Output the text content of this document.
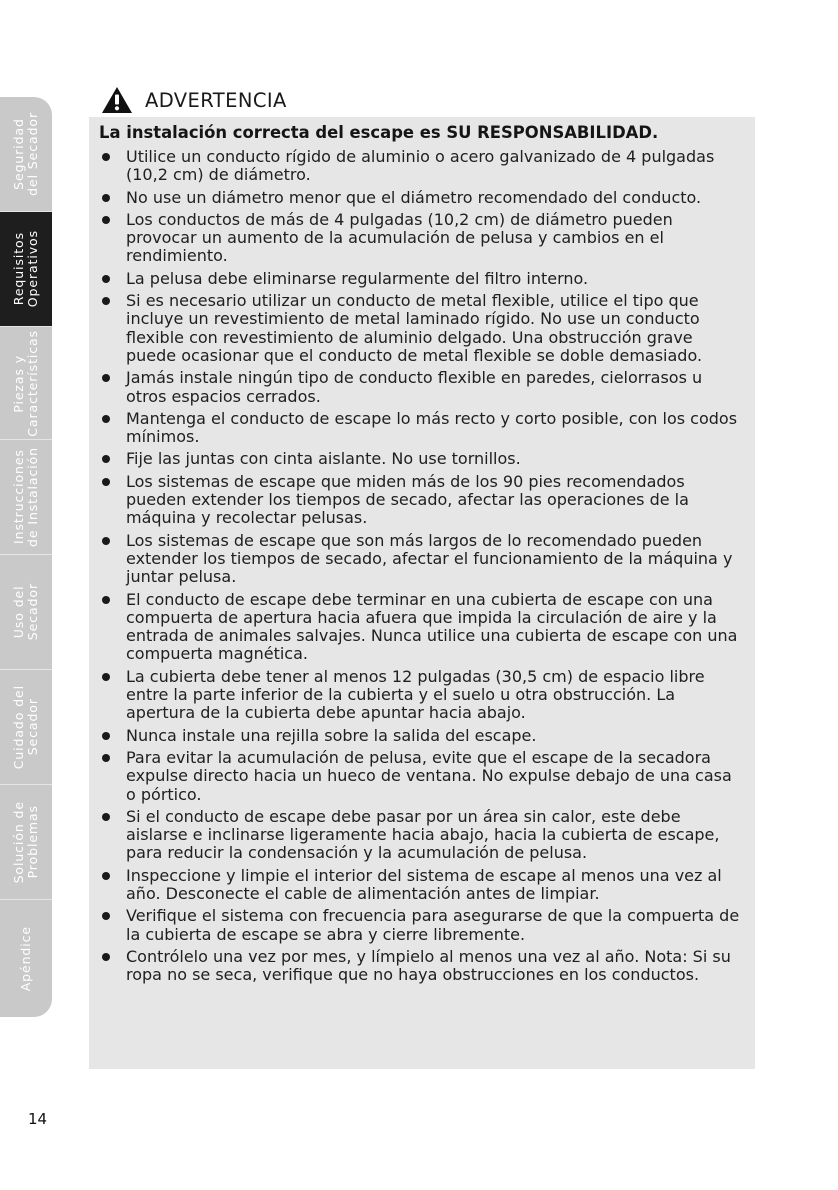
Seguridad
del Secador
Requisitos
Operativos
Piezas y
Características
Instrucciones
de Instalación
Uso del
Secador
Cuidado del
Secador
Solución de
Problemas
Apéndice
ADVERTENCIA

La instalación correcta del escape es SU RESPONSABILIDAD.

Utilice un conducto rígido de aluminio o acero galvanizado de 4 pulgadas (10,2 cm) de diámetro.
No use un diámetro menor que el diámetro recomendado del conducto.
Los conductos de más de 4 pulgadas (10,2 cm) de diámetro pueden provocar un aumento de la acumulación de pelusa y cambios en el rendimiento.
La pelusa debe eliminarse regularmente del filtro interno.
Si es necesario utilizar un conducto de metal flexible, utilice el tipo que incluye un revestimiento de metal laminado rígido. No use un conducto flexible con revestimiento de aluminio delgado. Una obstrucción grave puede ocasionar que el conducto de metal flexible se doble demasiado.
Jamás instale ningún tipo de conducto flexible en paredes, cielorrasos u otros espacios cerrados.
Mantenga el conducto de escape lo más recto y corto posible, con los codos mínimos.
Fije las juntas con cinta aislante. No use tornillos.
Los sistemas de escape que miden más de los 90 pies recomendados pueden extender los tiempos de secado, afectar las operaciones de la máquina y recolectar pelusas.
Los sistemas de escape que son más largos de lo recomendado pueden extender los tiempos de secado, afectar el funcionamiento de la máquina y juntar pelusa.
El conducto de escape debe terminar en una cubierta de escape con una compuerta de apertura hacia afuera que impida la circulación de aire y la entrada de animales salvajes. Nunca utilice una cubierta de escape con una compuerta magnética.
La cubierta debe tener al menos 12 pulgadas (30,5 cm) de espacio libre entre la parte inferior de la cubierta y el suelo u otra obstrucción. La apertura de la cubierta debe apuntar hacia abajo.
Nunca instale una rejilla sobre la salida del escape.
Para evitar la acumulación de pelusa, evite que el escape de la secadora expulse directo hacia un hueco de ventana. No expulse debajo de una casa o pórtico.
Si el conducto de escape debe pasar por un área sin calor, este debe aislarse e inclinarse ligeramente hacia abajo, hacia la cubierta de escape, para reducir la condensación y la acumulación de pelusa.
Inspeccione y limpie el interior del sistema de escape al menos una vez al año. Desconecte el cable de alimentación antes de limpiar.
Verifique el sistema con frecuencia para asegurarse de que la compuerta de la cubierta de escape se abra y cierre libremente.
Contrólelo una vez por mes, y límpielo al menos una vez al año. Nota: Si su ropa no se seca, verifique que no haya obstrucciones en los conductos.
14
